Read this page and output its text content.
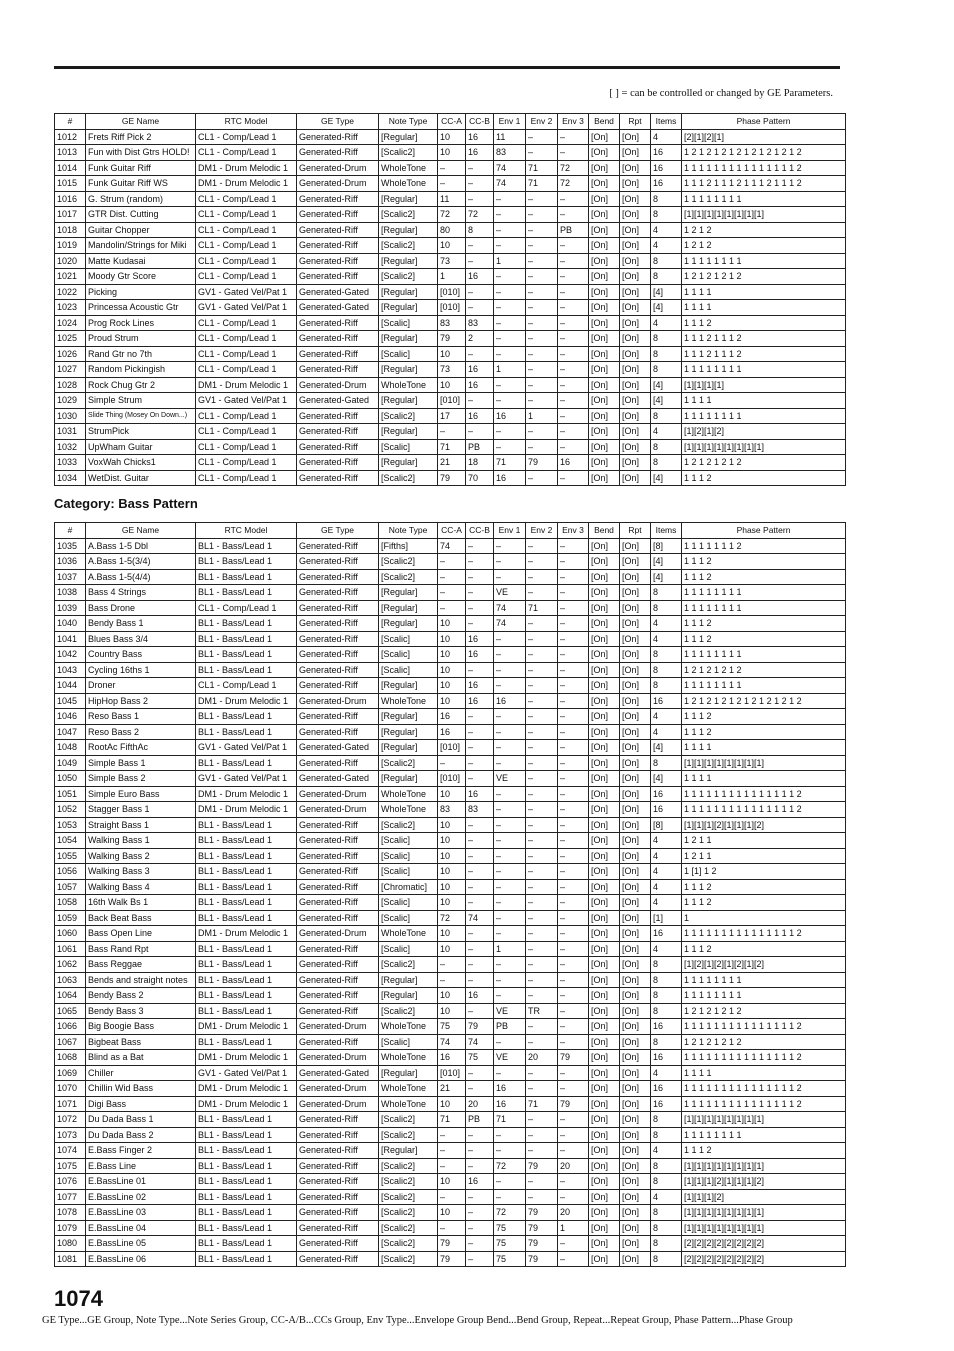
[ ] = can be controlled or changed by GE Parameters.
#	GE Name	RTC Model	GE Type	Note Type	CC-A	CC-B	Env 1	Env 2	Env 3	Bend	Rpt	Items	Phase Pattern
1012	Frets Riff Pick 2	CL1 - Comp/Lead 1	Generated-Riff	[Regular]	10	16	11	–	–	[On]	[On]	4	[2][1][2][1]
1013	Fun with Dist Gtrs HOLD!	CL1 - Comp/Lead 1	Generated-Riff	[Scalic2]	10	16	83	–	–	[On]	[On]	16	1 2 1 2 1 2 1 2 1 2 1 2 1 2 1 2
1014	Funk Guitar Riff	DM1 - Drum Melodic 1	Generated-Drum	WholeTone	–	–	74	71	72	[On]	[On]	16	1 1 1 1 1 1 1 1 1 1 1 1 1 1 1 2
1015	Funk Guitar Riff WS	DM1 - Drum Melodic 1	Generated-Drum	WholeTone	–	–	74	71	72	[On]	[On]	16	1 1 1 2 1 1 1 2 1 1 1 2 1 1 1 2
1016	G. Strum (random)	CL1 - Comp/Lead 1	Generated-Riff	[Regular]	11	–	–	–	–	[On]	[On]	8	1 1 1 1 1 1 1 1
1017	GTR Dist. Cutting	CL1 - Comp/Lead 1	Generated-Riff	[Scalic2]	72	72	–	–	–	[On]	[On]	8	[1][1][1][1][1][1][1][1]
1018	Guitar Chopper	CL1 - Comp/Lead 1	Generated-Riff	[Regular]	80	8	–	–	PB	[On]	[On]	4	1 2 1 2
1019	Mandolin/Strings for Miki	CL1 - Comp/Lead 1	Generated-Riff	[Scalic2]	10	–	–	–	–	[On]	[On]	4	1 2 1 2
1020	Matte Kudasai	CL1 - Comp/Lead 1	Generated-Riff	[Regular]	73	–	1	–	–	[On]	[On]	8	1 1 1 1 1 1 1 1
1021	Moody Gtr Score	CL1 - Comp/Lead 1	Generated-Riff	[Scalic2]	1	16	–	–	–	[On]	[On]	8	1 2 1 2 1 2 1 2
1022	Picking	GV1 - Gated Vel/Pat 1	Generated-Gated	[Regular]	[010]	–	–	–	–	[On]	[On]	[4]	1 1 1 1
1023	Princessa Acoustic Gtr	GV1 - Gated Vel/Pat 1	Generated-Gated	[Regular]	[010]	–	–	–	–	[On]	[On]	[4]	1 1 1 1
1024	Prog Rock Lines	CL1 - Comp/Lead 1	Generated-Riff	[Scalic]	83	83	–	–	–	[On]	[On]	4	1 1 1 2
1025	Proud Strum	CL1 - Comp/Lead 1	Generated-Riff	[Regular]	79	2	–	–	–	[On]	[On]	8	1 1 1 2 1 1 1 2
1026	Rand Gtr no 7th	CL1 - Comp/Lead 1	Generated-Riff	[Scalic]	10	–	–	–	–	[On]	[On]	8	1 1 1 2 1 1 1 2
1027	Random Pickingish	CL1 - Comp/Lead 1	Generated-Riff	[Regular]	73	16	1	–	–	[On]	[On]	8	1 1 1 1 1 1 1 1
1028	Rock Chug Gtr 2	DM1 - Drum Melodic 1	Generated-Drum	WholeTone	10	16	–	–	–	[On]	[On]	[4]	[1][1][1][1]
1029	Simple Strum	GV1 - Gated Vel/Pat 1	Generated-Gated	[Regular]	[010]	–	–	–	–	[On]	[On]	[4]	1 1 1 1
1030	Slide Thing (Mosey On Down...)	CL1 - Comp/Lead 1	Generated-Riff	[Scalic2]	17	16	16	1	–	[On]	[On]	8	1 1 1 1 1 1 1 1
1031	StrumPick	CL1 - Comp/Lead 1	Generated-Riff	[Regular]	–	–	–	–	–	[On]	[On]	4	[1][2][1][2]
1032	UpWham Guitar	CL1 - Comp/Lead 1	Generated-Riff	[Scalic]	71	PB	–	–	–	[On]	[On]	8	[1][1][1][1][1][1][1][1]
1033	VoxWah Chicks1	CL1 - Comp/Lead 1	Generated-Riff	[Regular]	21	18	71	79	16	[On]	[On]	8	1 2 1 2 1 2 1 2
1034	WetDist. Guitar	CL1 - Comp/Lead 1	Generated-Riff	[Scalic2]	79	70	16	–	–	[On]	[On]	[4]	1 1 1 2
Category: Bass Pattern
#	GE Name	RTC Model	GE Type	Note Type	CC-A	CC-B	Env 1	Env 2	Env 3	Bend	Rpt	Items	Phase Pattern
1035	A.Bass 1-5 Dbl	BL1 - Bass/Lead 1	Generated-Riff	[Fifths]	74	–	–	–	–	[On]	[On]	[8]	1 1 1 1 1 1 1 2
1036	A.Bass 1-5(3/4)	BL1 - Bass/Lead 1	Generated-Riff	[Scalic2]	–	–	–	–	–	[On]	[On]	[4]	1 1 1 2
1037	A.Bass 1-5(4/4)	BL1 - Bass/Lead 1	Generated-Riff	[Scalic2]	–	–	–	–	–	[On]	[On]	[4]	1 1 1 2
1038	Bass 4 Strings	BL1 - Bass/Lead 1	Generated-Riff	[Regular]	–	–	VE	–	–	[On]	[On]	8	1 1 1 1 1 1 1 1
1039	Bass Drone	CL1 - Comp/Lead 1	Generated-Riff	[Regular]	–	–	74	71	–	[On]	[On]	8	1 1 1 1 1 1 1 1
1040	Bendy Bass 1	BL1 - Bass/Lead 1	Generated-Riff	[Regular]	10	–	74	–	–	[On]	[On]	4	1 1 1 2
1041	Blues Bass 3/4	BL1 - Bass/Lead 1	Generated-Riff	[Scalic]	10	16	–	–	–	[On]	[On]	4	1 1 1 2
1042	Country Bass	BL1 - Bass/Lead 1	Generated-Riff	[Scalic]	10	16	–	–	–	[On]	[On]	8	1 1 1 1 1 1 1 1
1043	Cycling 16ths 1	BL1 - Bass/Lead 1	Generated-Riff	[Scalic]	10	–	–	–	–	[On]	[On]	8	1 2 1 2 1 2 1 2
1044	Droner	CL1 - Comp/Lead 1	Generated-Riff	[Regular]	10	16	–	–	–	[On]	[On]	8	1 1 1 1 1 1 1 1
1045	HipHop Bass 2	DM1 - Drum Melodic 1	Generated-Drum	WholeTone	10	16	16	–	–	[On]	[On]	16	1 2 1 2 1 2 1 2 1 2 1 2 1 2 1 2
1046	Reso Bass 1	BL1 - Bass/Lead 1	Generated-Riff	[Regular]	16	–	–	–	–	[On]	[On]	4	1 1 1 2
1047	Reso Bass 2	BL1 - Bass/Lead 1	Generated-Riff	[Regular]	16	–	–	–	–	[On]	[On]	4	1 1 1 2
1048	RootAc FifthAc	GV1 - Gated Vel/Pat 1	Generated-Gated	[Regular]	[010]	–	–	–	–	[On]	[On]	[4]	1 1 1 1
1049	Simple Bass 1	BL1 - Bass/Lead 1	Generated-Riff	[Scalic2]	–	–	–	–	–	[On]	[On]	8	[1][1][1][1][1][1][1][1]
1050	Simple Bass 2	GV1 - Gated Vel/Pat 1	Generated-Gated	[Regular]	[010]	–	VE	–	–	[On]	[On]	[4]	1 1 1 1
1051	Simple Euro Bass	DM1 - Drum Melodic 1	Generated-Drum	WholeTone	10	16	–	–	–	[On]	[On]	16	1 1 1 1 1 1 1 1 1 1 1 1 1 1 1 2
1052	Stagger Bass 1	DM1 - Drum Melodic 1	Generated-Drum	WholeTone	83	83	–	–	–	[On]	[On]	16	1 1 1 1 1 1 1 1 1 1 1 1 1 1 1 2
1053	Straight Bass 1	BL1 - Bass/Lead 1	Generated-Riff	[Scalic2]	10	–	–	–	–	[On]	[On]	[8]	[1][1][1][2][1][1][1][2]
1054	Walking Bass 1	BL1 - Bass/Lead 1	Generated-Riff	[Scalic]	10	–	–	–	–	[On]	[On]	4	1 2 1 1
1055	Walking Bass 2	BL1 - Bass/Lead 1	Generated-Riff	[Scalic]	10	–	–	–	–	[On]	[On]	4	1 2 1 1
1056	Walking Bass 3	BL1 - Bass/Lead 1	Generated-Riff	[Scalic]	10	–	–	–	–	[On]	[On]	4	1 [1] 1 2
1057	Walking Bass 4	BL1 - Bass/Lead 1	Generated-Riff	[Chromatic]	10	–	–	–	–	[On]	[On]	4	1 1 1 2
1058	16th Walk Bs 1	BL1 - Bass/Lead 1	Generated-Riff	[Scalic]	10	–	–	–	–	[On]	[On]	4	1 1 1 2
1059	Back Beat Bass	BL1 - Bass/Lead 1	Generated-Riff	[Scalic]	72	74	–	–	–	[On]	[On]	[1]	1
1060	Bass Open Line	DM1 - Drum Melodic 1	Generated-Drum	WholeTone	10	–	–	–	–	[On]	[On]	16	1 1 1 1 1 1 1 1 1 1 1 1 1 1 1 2
1061	Bass Rand Rpt	BL1 - Bass/Lead 1	Generated-Riff	[Scalic]	10	–	1	–	–	[On]	[On]	4	1 1 1 2
1062	Bass Reggae	BL1 - Bass/Lead 1	Generated-Riff	[Scalic2]	–	–	–	–	–	[On]	[On]	8	[1][2][1][2][1][2][1][2]
1063	Bends and straight notes	BL1 - Bass/Lead 1	Generated-Riff	[Regular]	–	–	–	–	–	[On]	[On]	8	1 1 1 1 1 1 1 1
1064	Bendy Bass 2	BL1 - Bass/Lead 1	Generated-Riff	[Regular]	10	16	–	–	–	[On]	[On]	8	1 1 1 1 1 1 1 1
1065	Bendy Bass 3	BL1 - Bass/Lead 1	Generated-Riff	[Scalic2]	10	–	VE	TR	–	[On]	[On]	8	1 2 1 2 1 2 1 2
1066	Big Boogie Bass	DM1 - Drum Melodic 1	Generated-Drum	WholeTone	75	79	PB	–	–	[On]	[On]	16	1 1 1 1 1 1 1 1 1 1 1 1 1 1 1 2
1067	Bigbeat Bass	BL1 - Bass/Lead 1	Generated-Riff	[Scalic]	74	74	–	–	–	[On]	[On]	8	1 2 1 2 1 2 1 2
1068	Blind as a Bat	DM1 - Drum Melodic 1	Generated-Drum	WholeTone	16	75	VE	20	79	[On]	[On]	16	1 1 1 1 1 1 1 1 1 1 1 1 1 1 1 2
1069	Chiller	GV1 - Gated Vel/Pat 1	Generated-Gated	[Regular]	[010]	–	–	–	–	[On]	[On]	4	1 1 1 1
1070	Chillin Wid Bass	DM1 - Drum Melodic 1	Generated-Drum	WholeTone	21	–	16	–	–	[On]	[On]	16	1 1 1 1 1 1 1 1 1 1 1 1 1 1 1 2
1071	Digi Bass	DM1 - Drum Melodic 1	Generated-Drum	WholeTone	10	20	16	71	79	[On]	[On]	16	1 1 1 1 1 1 1 1 1 1 1 1 1 1 1 2
1072	Du Dada Bass 1	BL1 - Bass/Lead 1	Generated-Riff	[Scalic2]	71	PB	71	–	–	[On]	[On]	8	[1][1][1][1][1][1][1][1]
1073	Du Dada Bass 2	BL1 - Bass/Lead 1	Generated-Riff	[Scalic2]	–	–	–	–	–	[On]	[On]	8	1 1 1 1 1 1 1 1
1074	E.Bass Finger 2	BL1 - Bass/Lead 1	Generated-Riff	[Regular]	–	–	–	–	–	[On]	[On]	4	1 1 1 2
1075	E.Bass Line	BL1 - Bass/Lead 1	Generated-Riff	[Scalic2]	–	–	72	79	20	[On]	[On]	8	[1][1][1][1][1][1][1][1]
1076	E.BassLine 01	BL1 - Bass/Lead 1	Generated-Riff	[Scalic2]	10	16	–	–	–	[On]	[On]	8	[1][1][1][2][1][1][1][2]
1077	E.BassLine 02	BL1 - Bass/Lead 1	Generated-Riff	[Scalic2]	–	–	–	–	–	[On]	[On]	4	[1][1][1][2]
1078	E.BassLine 03	BL1 - Bass/Lead 1	Generated-Riff	[Scalic2]	10	–	72	79	20	[On]	[On]	8	[1][1][1][1][1][1][1][1]
1079	E.BassLine 04	BL1 - Bass/Lead 1	Generated-Riff	[Scalic2]	–	–	75	79	1	[On]	[On]	8	[1][1][1][1][1][1][1][1]
1080	E.BassLine 05	BL1 - Bass/Lead 1	Generated-Riff	[Scalic2]	79	–	75	79	–	[On]	[On]	8	[2][2][2][2][2][2][2][2]
1081	E.BassLine 06	BL1 - Bass/Lead 1	Generated-Riff	[Scalic2]	79	–	75	79	–	[On]	[On]	8	[2][2][2][2][2][2][2][2]
1074
GE Type...GE Group, Note Type...Note Series Group, CC-A/B...CCs Group, Env Type...Envelope Group Bend...Bend Group, Repeat...Repeat Group, Phase Pattern...Phase Group
